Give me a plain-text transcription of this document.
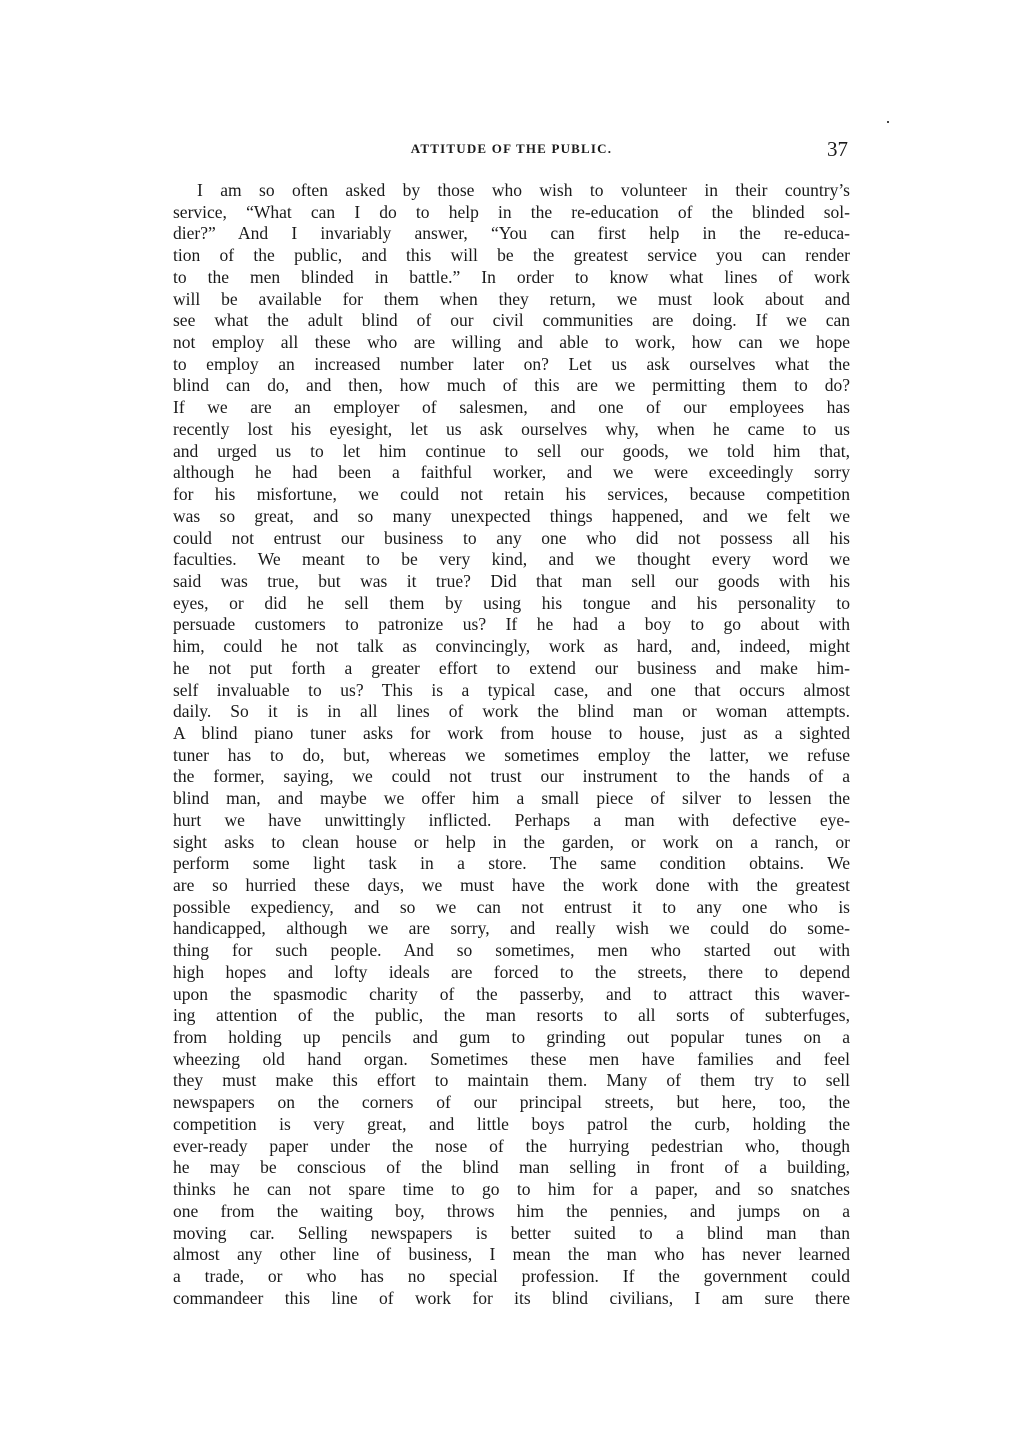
ATTITUDE OF THE PUBLIC.	37
I am so often asked by those who wish to volunteer in their country’s
service, “What can I do to help in the re-education of the blinded sol-
dier?” And I invariably answer, “You can first help in the re-educa-
tion of the public, and this will be the greatest service you can render
to the men blinded in battle.” In order to know what lines of work
will be available for them when they return, we must look about and
see what the adult blind of our civil communities are doing. If we can
not employ all these who are willing and able to work, how can we hope
to employ an increased number later on? Let us ask ourselves what the
blind can do, and then, how much of this are we permitting them to do?
If we are an employer of salesmen, and one of our employees has
recently lost his eyesight, let us ask ourselves why, when he came to us
and urged us to let him continue to sell our goods, we told him that,
although he had been a faithful worker, and we were exceedingly sorry
for his misfortune, we could not retain his services, because competition
was so great, and so many unexpected things happened, and we felt we
could not entrust our business to any one who did not possess all his
faculties. We meant to be very kind, and we thought every word we
said was true, but was it true? Did that man sell our goods with his
eyes, or did he sell them by using his tongue and his personality to
persuade customers to patronize us? If he had a boy to go about with
him, could he not talk as convincingly, work as hard, and, indeed, might
he not put forth a greater effort to extend our business and make him-
self invaluable to us? This is a typical case, and one that occurs almost
daily. So it is in all lines of work the blind man or woman attempts.
A blind piano tuner asks for work from house to house, just as a sighted
tuner has to do, but, whereas we sometimes employ the latter, we refuse
the former, saying, we could not trust our instrument to the hands of a
blind man, and maybe we offer him a small piece of silver to lessen the
hurt we have unwittingly inflicted. Perhaps a man with defective eye-
sight asks to clean house or help in the garden, or work on a ranch, or
perform some light task in a store. The same condition obtains. We
are so hurried these days, we must have the work done with the greatest
possible expediency, and so we can not entrust it to any one who is
handicapped, although we are sorry, and really wish we could do some-
thing for such people. And so sometimes, men who started out with
high hopes and lofty ideals are forced to the streets, there to depend
upon the spasmodic charity of the passerby, and to attract this waver-
ing attention of the public, the man resorts to all sorts of subterfuges,
from holding up pencils and gum to grinding out popular tunes on a
wheezing old hand organ. Sometimes these men have families and feel
they must make this effort to maintain them. Many of them try to sell
newspapers on the corners of our principal streets, but here, too, the
competition is very great, and little boys patrol the curb, holding the
ever-ready paper under the nose of the hurrying pedestrian who, though
he may be conscious of the blind man selling in front of a building,
thinks he can not spare time to go to him for a paper, and so snatches
one from the waiting boy, throws him the pennies, and jumps on a
moving car. Selling newspapers is better suited to a blind man than
almost any other line of business, I mean the man who has never learned
a trade, or who has no special profession. If the government could
commandeer this line of work for its blind civilians, I am sure there
